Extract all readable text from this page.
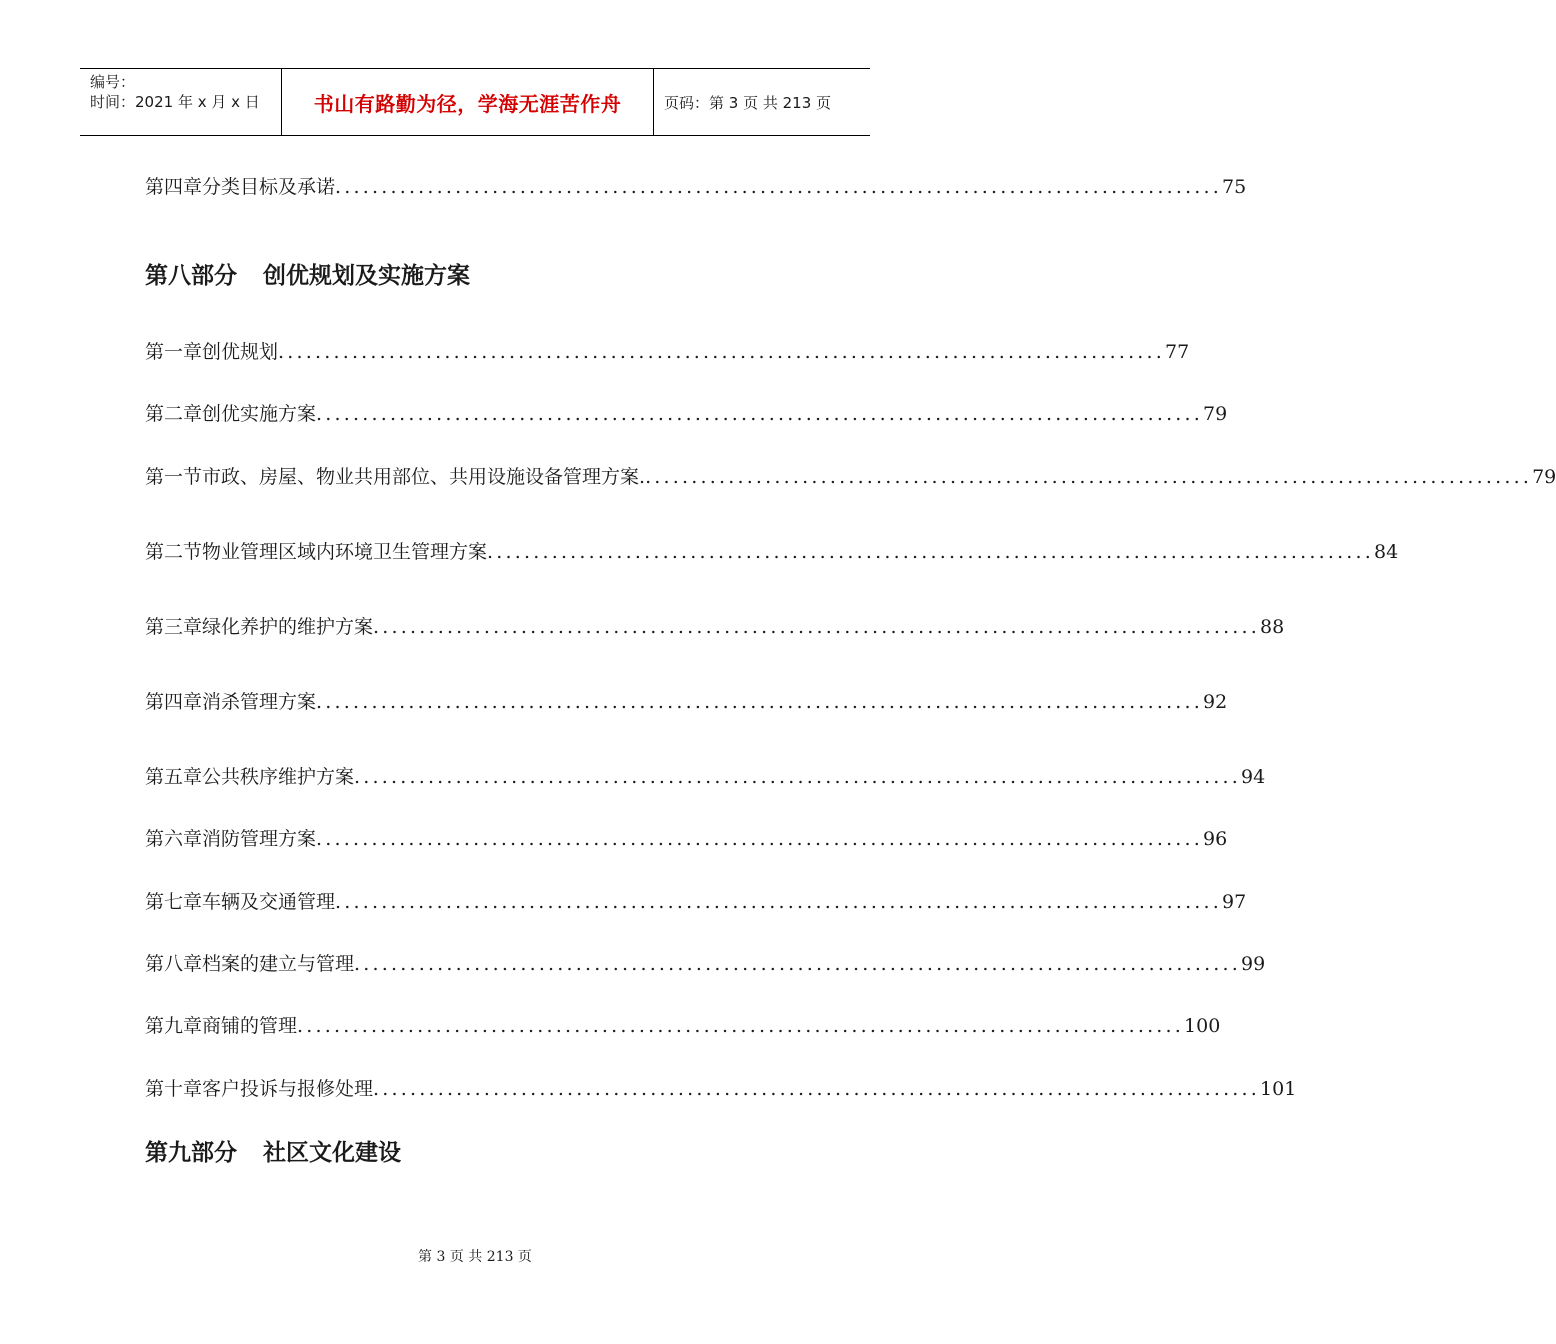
编号：
时间：2021 年 x 月 x 日	书山有路勤为径，学海无涯苦作舟	页码：第 3 页 共 213 页
第四章 分类目标及承诺 ................................................................................................ 75
第八部分 创优规划及实施方案
第一章 创优规划 ................................................................................................ 77
第二章 创优实施方案 ................................................................................................ 79
第一节 市政、房屋、物业共用部位、共用设施设备管理方案. ................................................................................................ 79
第二节 物业管理区域内环境卫生管理方案 ................................................................................................ 84
第三章 绿化养护的维护方案 ................................................................................................ 88
第四章 消杀管理方案 ................................................................................................ 92
第五章 公共秩序维护方案 ................................................................................................ 94
第六章 消防管理方案 ................................................................................................ 96
第七章 车辆及交通管理 ................................................................................................ 97
第八章 档案的建立与管理 ................................................................................................ 99
第九章 商铺的管理 ................................................................................................ 100
第十章 客户投诉与报修处理 ................................................................................................ 101
第九部分 社区文化建设
第 3 页 共 213 页
